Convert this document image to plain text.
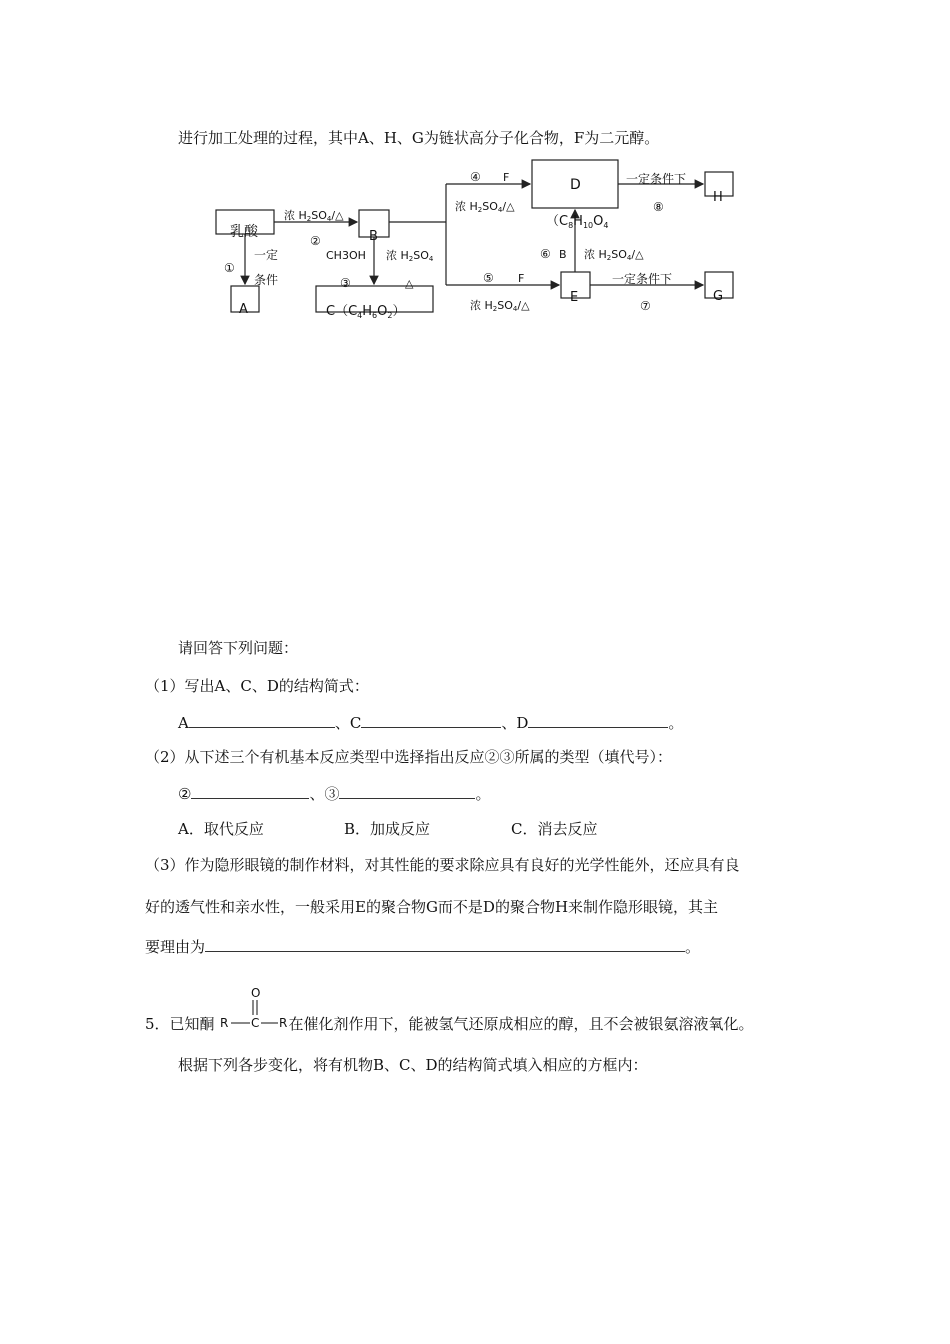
进行加工处理的过程，其中A、H、G为链状高分子化合物，F为二元醇。
乳酸
A
B
$C(C_4H_6O_2)$
D
（$C_8H_{10}O_4$
E
H
G
浓 H2SO4/△
②
①
一定
条件
CH3OH 浓 H2SO4
③	△
④ F
浓 H2SO4/△
⑤ F
浓 H2SO4/△
⑥ B 浓 H2SO4/△
一定条件下
⑧
一定条件下
⑦
请回答下列问题：
（1）写出A、C、D的结构简式：
A	、C	、D	。
（2）从下述三个有机基本反应类型中选择指出反应②③所属的类型（填代号）：
②	、③	。
A．取代反应	B．加成反应	C．消去反应
（3）作为隐形眼镜的制作材料，对其性能的要求除应具有良好的光学性能外，还应具有良
好的透气性和亲水性，一般采用E的聚合物G而不是D的聚合物H来制作隐形眼镜，其主
要理由为	。
5．已知酮	在催化剂作用下，能被氢气还原成相应的醇，且不会被银氨溶液氧化。
O
R C R
根据下列各步变化，将有机物B、C、D的结构简式填入相应的方框内：
